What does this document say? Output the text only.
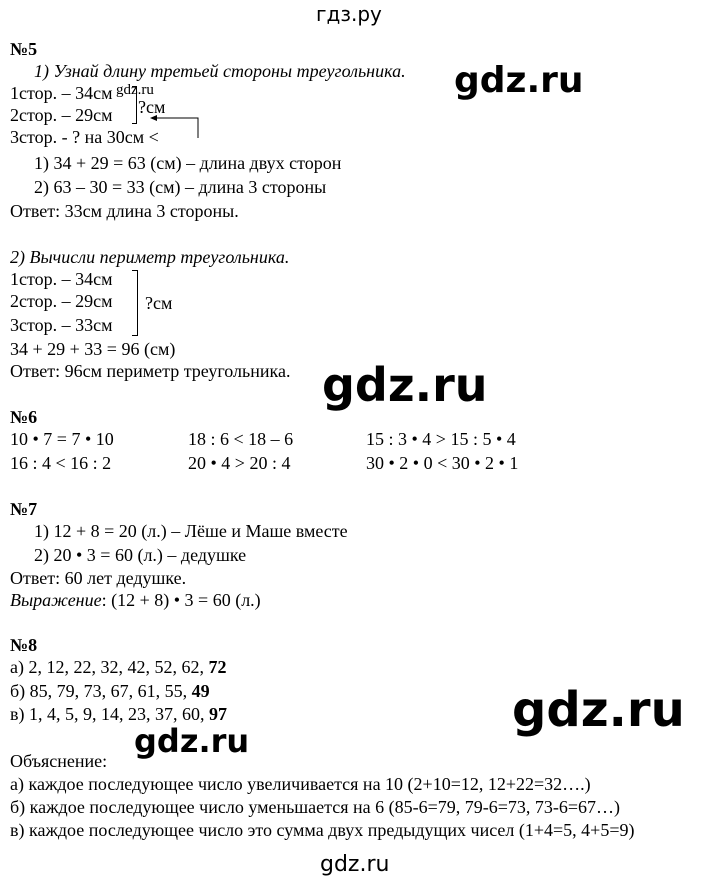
гдз.ру
№5
1) Узнай длину третьей стороны треугольника.
1стор. – 34см
2стор. – 29см
3стор. - ? на 30см <
?см
1) 34 + 29 = 63 (см) – длина двух сторон
2) 63 – 30 = 33 (см) – длина 3 стороны
Ответ: 33см длина 3 стороны.
2) Вычисли периметр треугольника.
1стор. – 34см
2стор. – 29см
3стор. – 33см
?см
34 + 29 + 33 = 96 (см)
Ответ: 96см периметр треугольника.
№6
10 • 7 = 7 • 10	18 : 6 < 18 – 6	15 : 3 • 4 > 15 : 5 • 4
16 : 4 < 16 : 2	20 • 4 > 20 : 4	30 • 2 • 0 < 30 • 2 • 1
№7
1) 12 + 8 = 20 (л.) – Лёше и Маше вместе
2) 20 • 3 = 60 (л.) – дедушке
Ответ: 60 лет дедушке.
Выражение: (12 + 8) • 3 = 60 (л.)
№8
а) 2, 12, 22, 32, 42, 52, 62, 72
б) 85, 79, 73, 67, 61, 55, 49
в) 1, 4, 5, 9, 14, 23, 37, 60, 97
Объяснение:
а) каждое последующее число увеличивается на 10 (2+10=12, 12+22=32….)
б) каждое последующее число уменьшается на 6 (85-6=79, 79-6=73, 73-6=67…)
в) каждое последующее число это сумма двух предыдущих чисел (1+4=5, 4+5=9)
gdz.ru
gdz.ru
gdz.ru
gdz.ru
gdz.ru
gdz.ru
